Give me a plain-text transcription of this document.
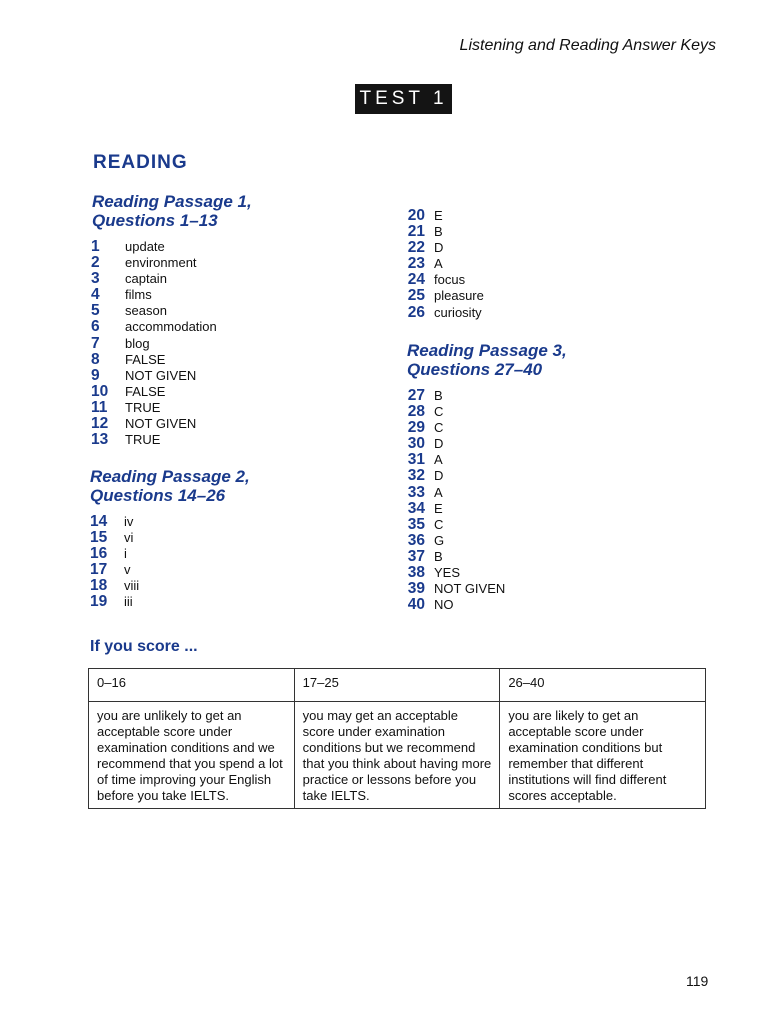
Listening and Reading Answer Keys
TEST 1
READING
Reading Passage 1,
Questions 1–13
1	update
2	environment
3	captain
4	films
5	season
6	accommodation
7	blog
8	FALSE
9	NOT GIVEN
10	FALSE
11	TRUE
12	NOT GIVEN
13	TRUE
Reading Passage 2,
Questions 14–26
14	iv
15	vi
16	i
17	v
18	viii
19	iii
20 E
21 B
22 D
23 A
24 focus
25 pleasure
26 curiosity
Reading Passage 3,
Questions 27–40
27 B
28 C
29 C
30 D
31 A
32 D
33 A
34 E
35 C
36 G
37 B
38 YES
39 NOT GIVEN
40 NO
If you score ...
0–16	17–25	26–40
you are unlikely to get an acceptable score under examination conditions and we recommend that you spend a lot of time improving your English before you take IELTS.	you may get an acceptable score under examination conditions but we recommend that you think about having more practice or lessons before you take IELTS.	you are likely to get an acceptable score under examination conditions but remember that different institutions will find different scores acceptable.
119
